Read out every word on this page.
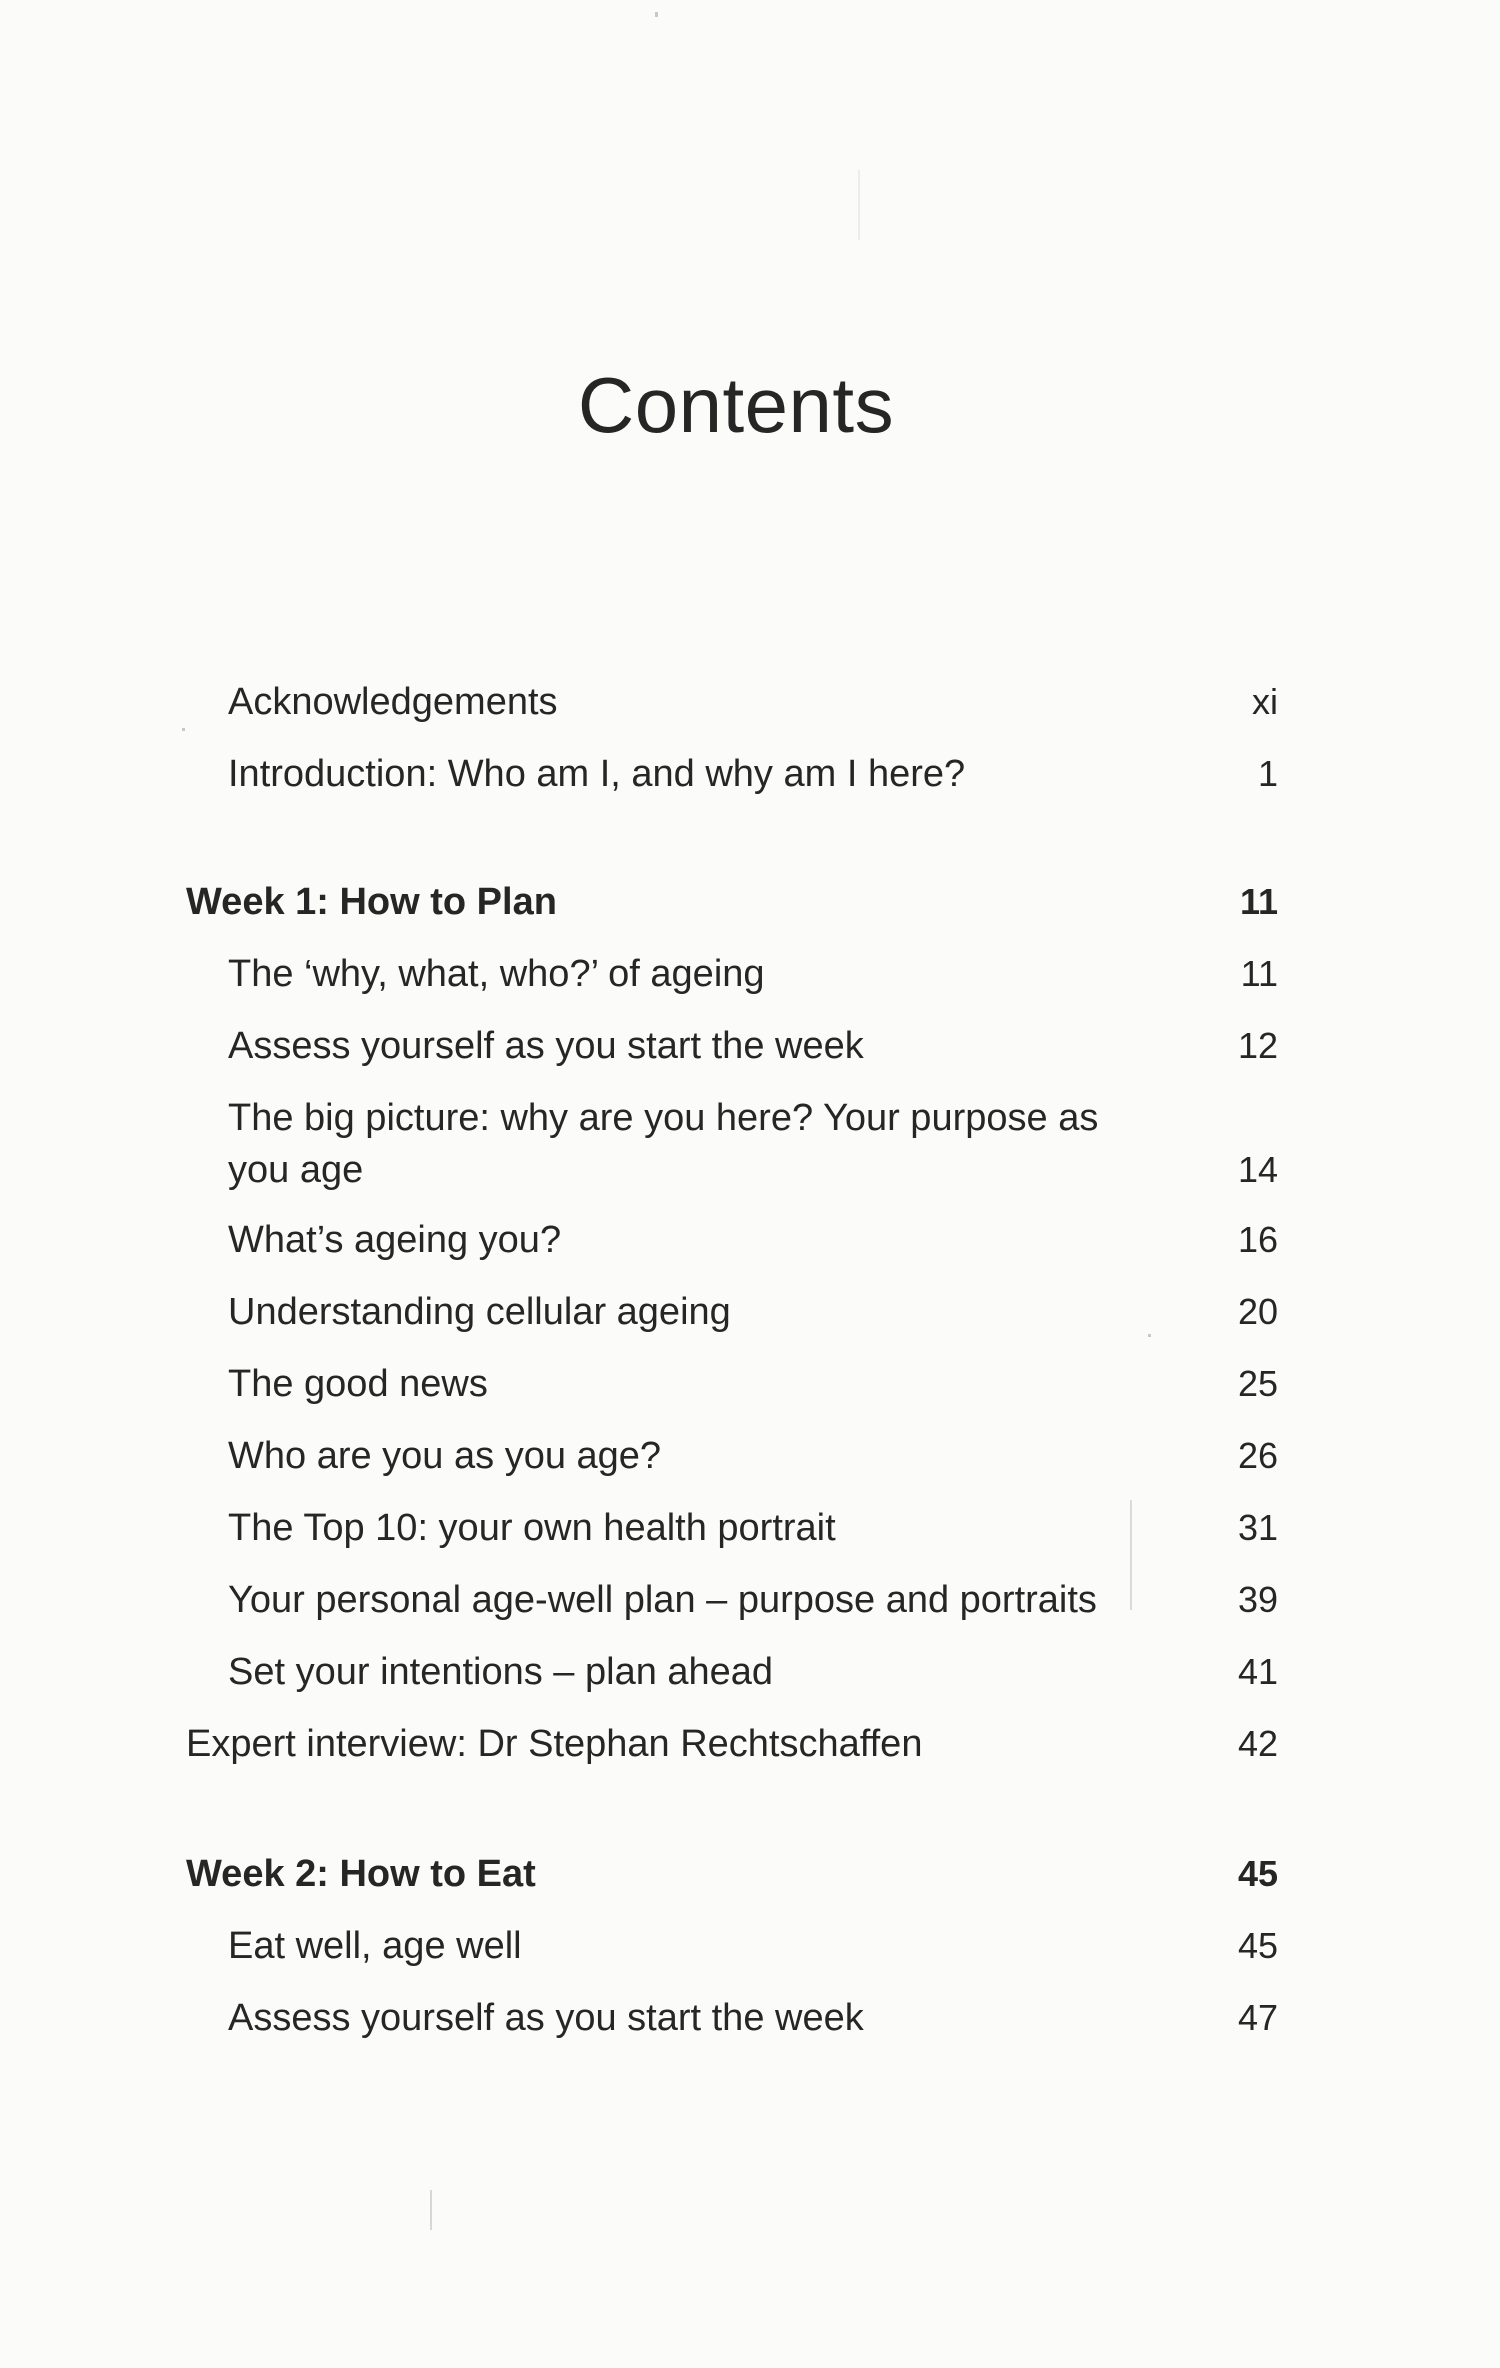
Contents
Acknowledgements	xi
Introduction: Who am I, and why am I here?	1
Week 1: How to Plan	11
The ‘why, what, who?’ of ageing	11
Assess yourself as you start the week	12
The big picture: why are you here? Your purpose as you age	14
What’s ageing you?	16
Understanding cellular ageing	20
The good news	25
Who are you as you age?	26
The Top 10: your own health portrait	31
Your personal age-well plan – purpose and portraits	39
Set your intentions – plan ahead	41
Expert interview: Dr Stephan Rechtschaffen	42
Week 2: How to Eat	45
Eat well, age well	45
Assess yourself as you start the week	47
